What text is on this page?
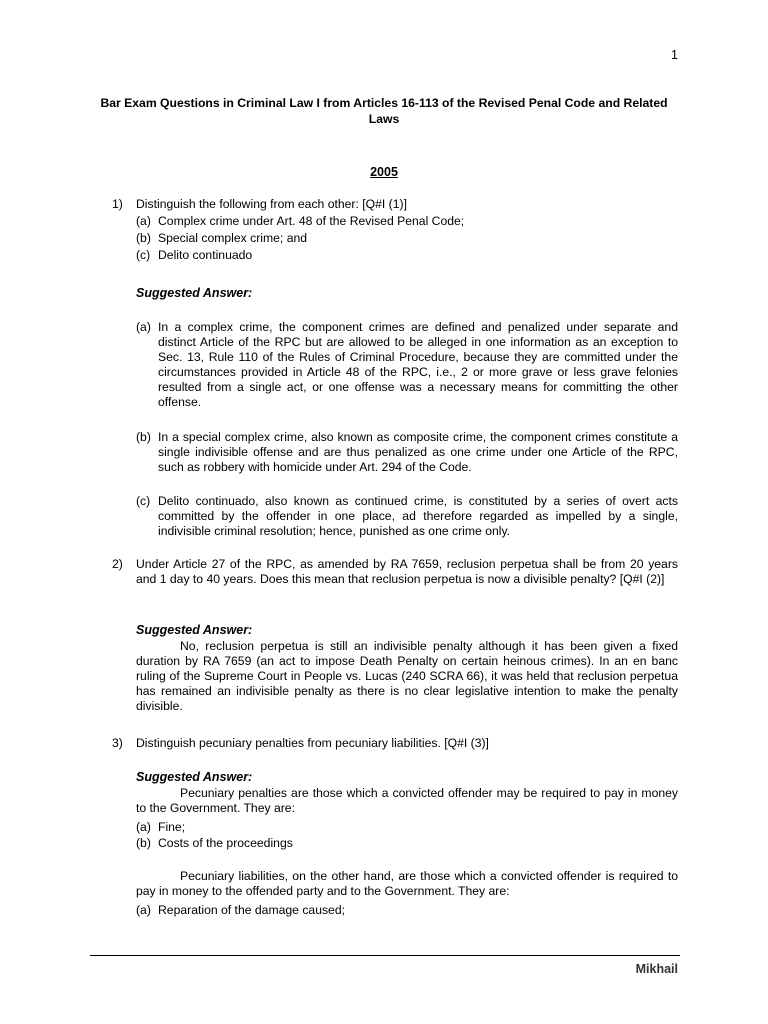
1
Bar Exam Questions in Criminal Law I from Articles 16-113 of the Revised Penal Code and Related Laws
2005
1) Distinguish the following from each other: [Q#I (1)]
(a) Complex crime under Art. 48 of the Revised Penal Code;
(b) Special complex crime; and
(c) Delito continuado
Suggested Answer:
(a) In a complex crime, the component crimes are defined and penalized under separate and distinct Article of the RPC but are allowed to be alleged in one information as an exception to Sec. 13, Rule 110 of the Rules of Criminal Procedure, because they are committed under the circumstances provided in Article 48 of the RPC, i.e., 2 or more grave or less grave felonies resulted from a single act, or one offense was a necessary means for committing the other offense.
(b) In a special complex crime, also known as composite crime, the component crimes constitute a single indivisible offense and are thus penalized as one crime under one Article of the RPC, such as robbery with homicide under Art. 294 of the Code.
(c) Delito continuado, also known as continued crime, is constituted by a series of overt acts committed by the offender in one place, ad therefore regarded as impelled by a single, indivisible criminal resolution; hence, punished as one crime only.
2) Under Article 27 of the RPC, as amended by RA 7659, reclusion perpetua shall be from 20 years and 1 day to 40 years. Does this mean that reclusion perpetua is now a divisible penalty? [Q#I (2)]
Suggested Answer:
No, reclusion perpetua is still an indivisible penalty although it has been given a fixed duration by RA 7659 (an act to impose Death Penalty on certain heinous crimes). In an en banc ruling of the Supreme Court in People vs. Lucas (240 SCRA 66), it was held that reclusion perpetua has remained an indivisible penalty as there is no clear legislative intention to make the penalty divisible.
3) Distinguish pecuniary penalties from pecuniary liabilities. [Q#I (3)]
Suggested Answer:
Pecuniary penalties are those which a convicted offender may be required to pay in money to the Government. They are:
(a) Fine;
(b) Costs of the proceedings
Pecuniary liabilities, on the other hand, are those which a convicted offender is required to pay in money to the offended party and to the Government. They are:
(a) Reparation of the damage caused;
Mikhail
